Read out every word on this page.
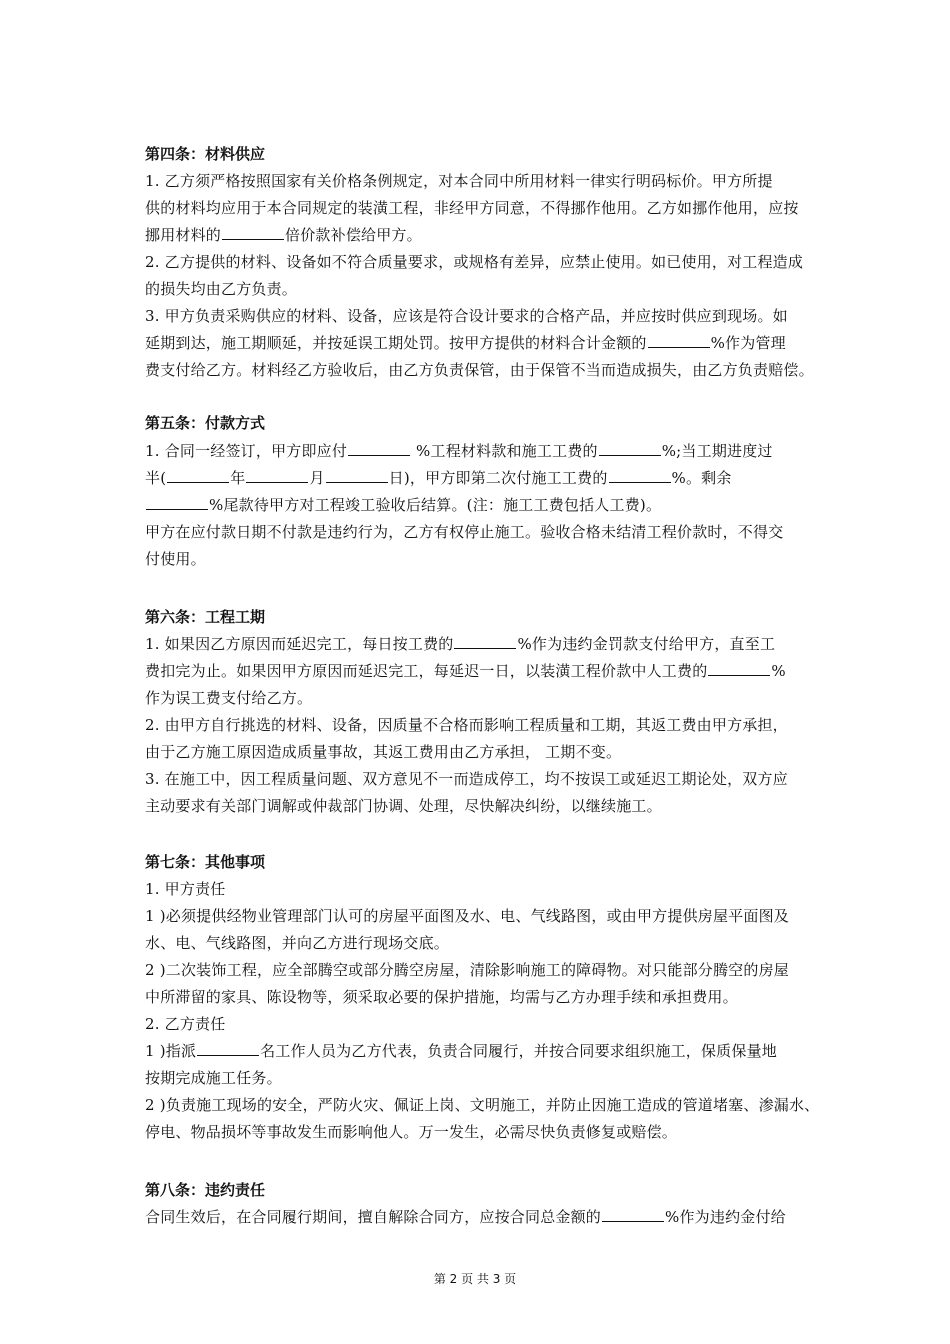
第四条：材料供应
1. 乙方须严格按照国家有关价格条例规定，对本合同中所用材料一律实行明码标价。甲方所提
供的材料均应用于本合同规定的装潢工程，非经甲方同意，不得挪作他用。乙方如挪作他用，应按
挪用材料的	倍价款补偿给甲方。
2. 乙方提供的材料、设备如不符合质量要求，或规格有差异，应禁止使用。如已使用，对工程造成
的损失均由乙方负责。
3. 甲方负责采购供应的材料、设备，应该是符合设计要求的合格产品，并应按时供应到现场。如
延期到达，施工期顺延，并按延误工期处罚。按甲方提供的材料合计金额的	%作为管理
费支付给乙方。材料经乙方验收后，由乙方负责保管，由于保管不当而造成损失，由乙方负责赔偿。
第五条：付款方式
1. 合同一经签订，甲方即应付	%工程材料款和施工工费的	%;当工期进度过
半(	年	月	日)，甲方即第二次付施工工费的	%。剩余
%尾款待甲方对工程竣工验收后结算。(注：施工工费包括人工费)。
甲方在应付款日期不付款是违约行为，乙方有权停止施工。验收合格未结清工程价款时，不得交
付使用。
第六条：工程工期
1. 如果因乙方原因而延迟完工，每日按工费的	%作为违约金罚款支付给甲方，直至工
费扣完为止。如果因甲方原因而延迟完工，每延迟一日，以装潢工程价款中人工费的	%
作为误工费支付给乙方。
2. 由甲方自行挑选的材料、设备，因质量不合格而影响工程质量和工期，其返工费由甲方承担，
由于乙方施工原因造成质量事故，其返工费用由乙方承担， 工期不变。
3. 在施工中，因工程质量问题、双方意见不一而造成停工，均不按误工或延迟工期论处，双方应
主动要求有关部门调解或仲裁部门协调、处理，尽快解决纠纷，以继续施工。
第七条：其他事项
1. 甲方责任
1 )必须提供经物业管理部门认可的房屋平面图及水、电、气线路图，或由甲方提供房屋平面图及
水、电、气线路图，并向乙方进行现场交底。
2 )二次装饰工程，应全部腾空或部分腾空房屋，清除影响施工的障碍物。对只能部分腾空的房屋
中所滞留的家具、陈设物等，须采取必要的保护措施，均需与乙方办理手续和承担费用。
2. 乙方责任
1 )指派	名工作人员为乙方代表，负责合同履行，并按合同要求组织施工，保质保量地
按期完成施工任务。
2 )负责施工现场的安全，严防火灾、佩证上岗、文明施工，并防止因施工造成的管道堵塞、渗漏水、
停电、物品损坏等事故发生而影响他人。万一发生，必需尽快负责修复或赔偿。
第八条：违约责任
合同生效后，在合同履行期间，擅自解除合同方，应按合同总金额的	%作为违约金付给
第 2 页 共 3 页
